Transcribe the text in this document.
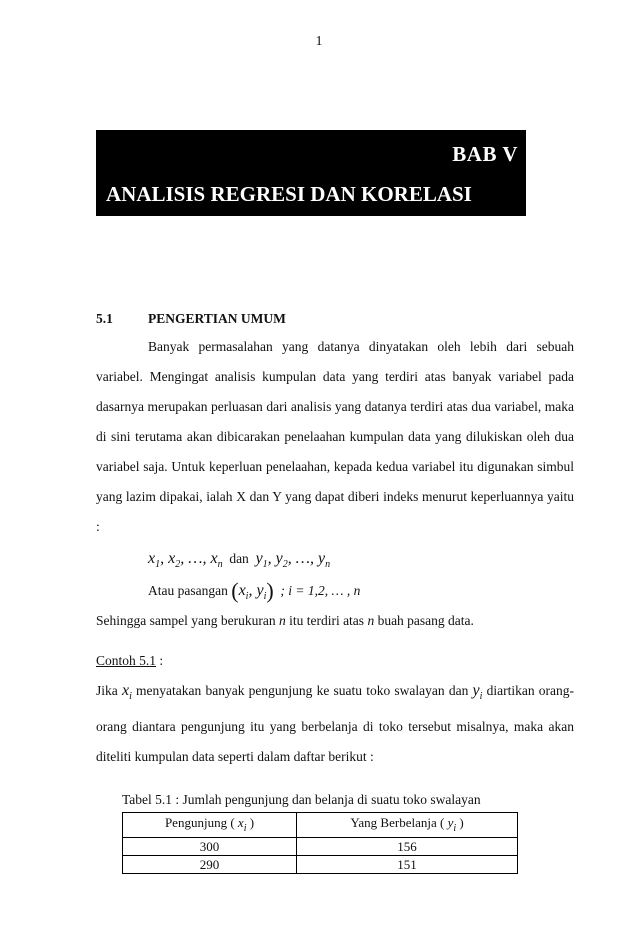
1
BAB V
ANALISIS REGRESI DAN KORELASI
5.1	PENGERTIAN UMUM

Banyak permasalahan yang datanya dinyatakan oleh lebih dari sebuah variabel. Mengingat analisis kumpulan data yang terdiri atas banyak variabel pada dasarnya merupakan perluasan dari analisis yang datanya terdiri atas dua variabel, maka di sini terutama akan dibicarakan penelaahan kumpulan data yang dilukiskan oleh dua variabel saja. Untuk keperluan penelaahan, kepada kedua variabel itu digunakan simbul yang lazim dipakai, ialah X dan Y yang dapat diberi indeks menurut keperluannya yaitu :

$x_1$, $x_2$, …, $x_n$ dan $y_1$, $y_2$, …, $y_n$
Atau pasangan ($x_i$, $y_i$) ; i = 1,2, … , n

Sehingga sampel yang berukuran n itu terdiri atas n buah pasang data.

Contoh 5.1 :

Jika $x_i$ menyatakan banyak pengunjung ke suatu toko swalayan dan $y_i$ diartikan orang-orang diantara pengunjung itu yang berbelanja di toko tersebut misalnya, maka akan diteliti kumpulan data seperti dalam daftar berikut :

Tabel 5.1 : Jumlah pengunjung dan belanja di suatu toko swalayan
Pengunjung ( $x_i$ )	Yang Berbelanja ( $y_i$ )
300	156
290	151
